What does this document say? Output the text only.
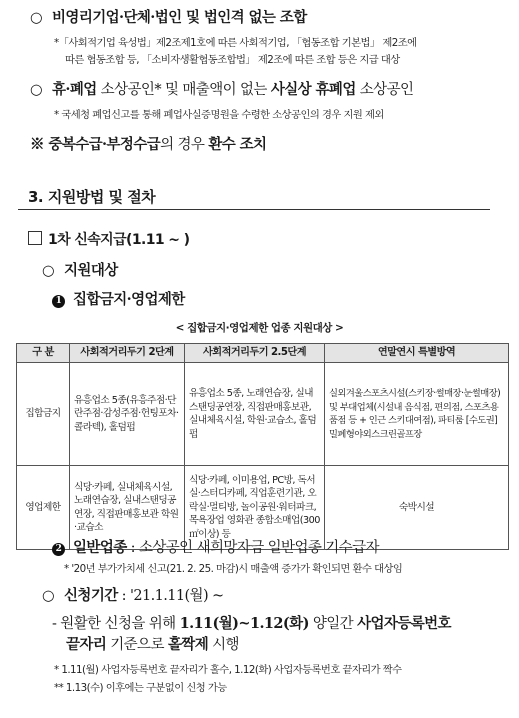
○ 비영리기업·단체·법인 및 법인격 없는 조합
*「사회적기업 육성법」제2조제1호에 따른 사회적기업, 「협동조합 기본법」 제2조에
따른 협동조합 등, 「소비자생활협동조합법」 제2조에 따른 조합 등은 지급 대상
○ 휴·폐업 소상공인* 및 매출액이 없는 사실상 휴폐업 소상공인
* 국세청 폐업신고를 통해 폐업사실증명원을 수령한 소상공인의 경우 지원 제외
※ 중복수급·부정수급의 경우 환수 조치
3. 지원방법 및 절차
1차 신속지급(1.11 ~ )
○ 지원대상
1 집합금지·영업제한
< 집합금지·영업제한 업종 지원대상 >
구 분	사회적거리두기 2단계	사회적거리두기 2.5단계	연말연시 특별방역
집합금지	유흥업소 5종(유흥주점·단란주점·감성주점·헌팅포차·콜라텍), 홀덤펍	유흥업소 5종, 노래연습장, 실내스탠딩공연장, 직접판매홍보관, 실내체육시설, 학원·교습소, 홀덤펍	실외겨울스포츠시설(스키장·썰매장·눈썰매장) 및 부대업체(시설내 음식점, 편의점, 스포츠용품점 등 + 인근 스키대여점), 파티룸 [수도권]밀폐형야외스크린골프장
영업제한	식당·카페, 실내체육시설, 노래연습장, 실내스탠딩공연장, 직접판매홍보관 학원·교습소	식당·카페, 이미용업, PC방, 독서실·스터디카페, 직업훈련기관, 오락실·멀티방, 놀이공원·워터파크, 목욕장업 영화관 종합소매업(300㎡이상) 등	숙박시설
2 일반업종 : 소상공인 새희망자금 일반업종 기수급자
* '20년 부가가치세 신고(21. 2. 25. 마감)시 매출액 증가가 확인되면 환수 대상임
○ 신청기간 : '21.1.11(월) ~
- 원활한 신청을 위해 1.11(월)~1.12(화) 양일간 사업자등록번호
끝자리 기준으로 홀짝제 시행
* 1.11(월) 사업자등록번호 끝자리가 홀수, 1.12(화) 사업자등록번호 끝자리가 짝수
** 1.13(수) 이후에는 구분없이 신청 가능
